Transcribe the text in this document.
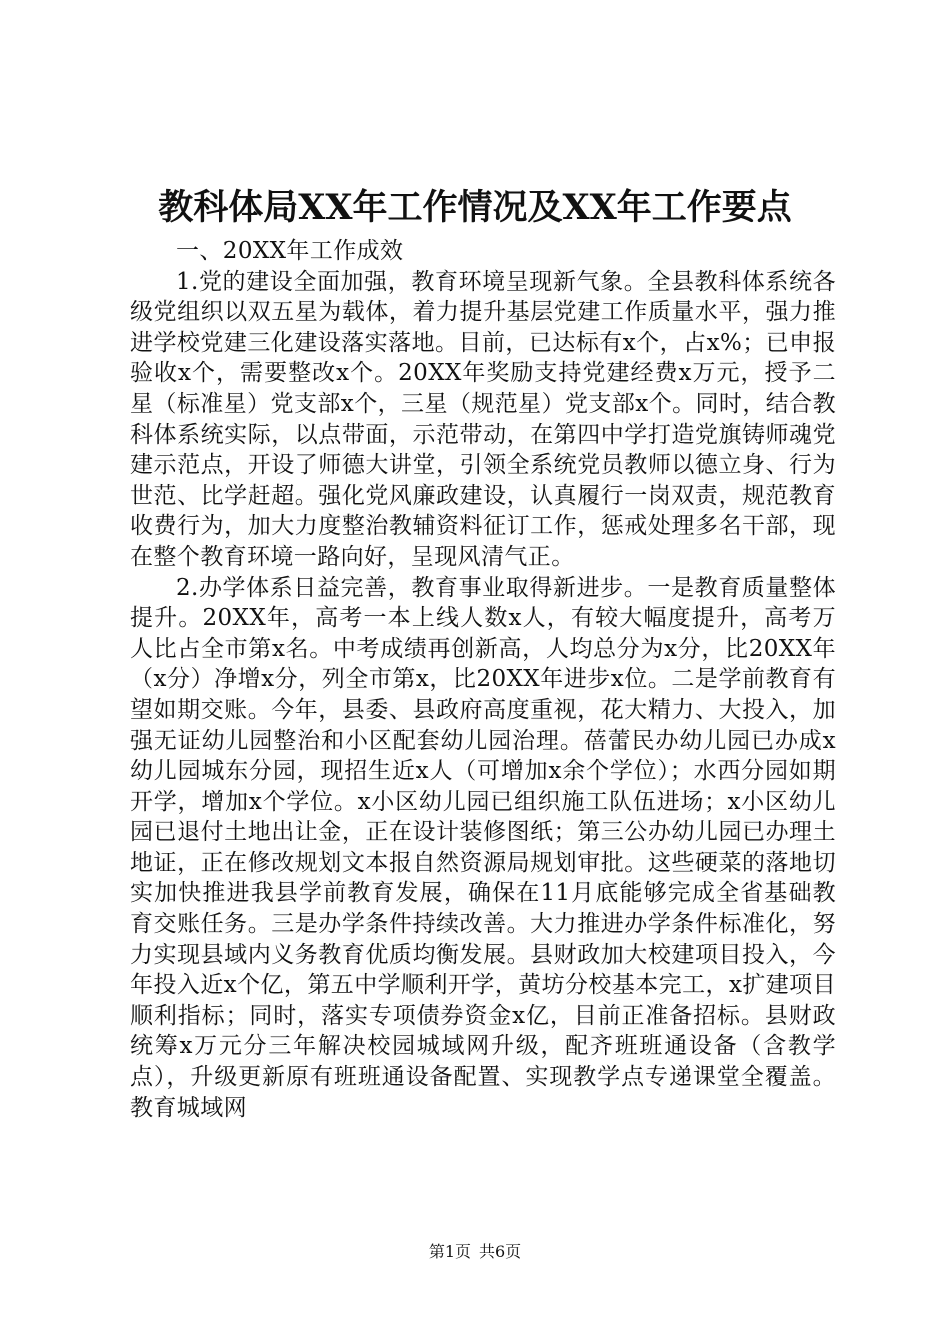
教科体局XX年工作情况及XX年工作要点

一、20XX年工作成效

1.党的建设全面加强，教育环境呈现新气象。全县教科体系统各级党组织以双五星为载体，着力提升基层党建工作质量水平，强力推进学校党建三化建设落实落地。目前，已达标有x个，占x%；已申报验收x个，需要整改x个。20XX年奖励支持党建经费x万元，授予二星（标准星）党支部x个，三星（规范星）党支部x个。同时，结合教科体系统实际，以点带面，示范带动，在第四中学打造党旗铸师魂党建示范点，开设了师德大讲堂，引领全系统党员教师以德立身、行为世范、比学赶超。强化党风廉政建设，认真履行一岗双责，规范教育收费行为，加大力度整治教辅资料征订工作，惩戒处理多名干部，现在整个教育环境一路向好，呈现风清气正。

2.办学体系日益完善，教育事业取得新进步。一是教育质量整体提升。20XX年，高考一本上线人数x人，有较大幅度提升，高考万人比占全市第x名。中考成绩再创新高，人均总分为x分，比20XX年（x分）净增x分，列全市第x，比20XX年进步x位。二是学前教育有望如期交账。今年，县委、县政府高度重视，花大精力、大投入，加强无证幼儿园整治和小区配套幼儿园治理。蓓蕾民办幼儿园已办成x幼儿园城东分园，现招生近x人（可增加x余个学位）；水西分园如期开学，增加x个学位。x小区幼儿园已组织施工队伍进场；x小区幼儿园已退付土地出让金，正在设计装修图纸；第三公办幼儿园已办理土地证，正在修改规划文本报自然资源局规划审批。这些硬菜的落地切实加快推进我县学前教育发展，确保在11月底能够完成全省基础教育交账任务。三是办学条件持续改善。大力推进办学条件标准化，努力实现县域内义务教育优质均衡发展。县财政加大校建项目投入，今年投入近x个亿，第五中学顺利开学，黄坊分校基本完工，x扩建项目顺利指标；同时，落实专项债券资金x亿，目前正准备招标。县财政统筹x万元分三年解决校园城域网升级，配齐班班通设备（含教学点），升级更新原有班班通设备配置、实现教学点专递课堂全覆盖。教育城域网

第1页 共6页
